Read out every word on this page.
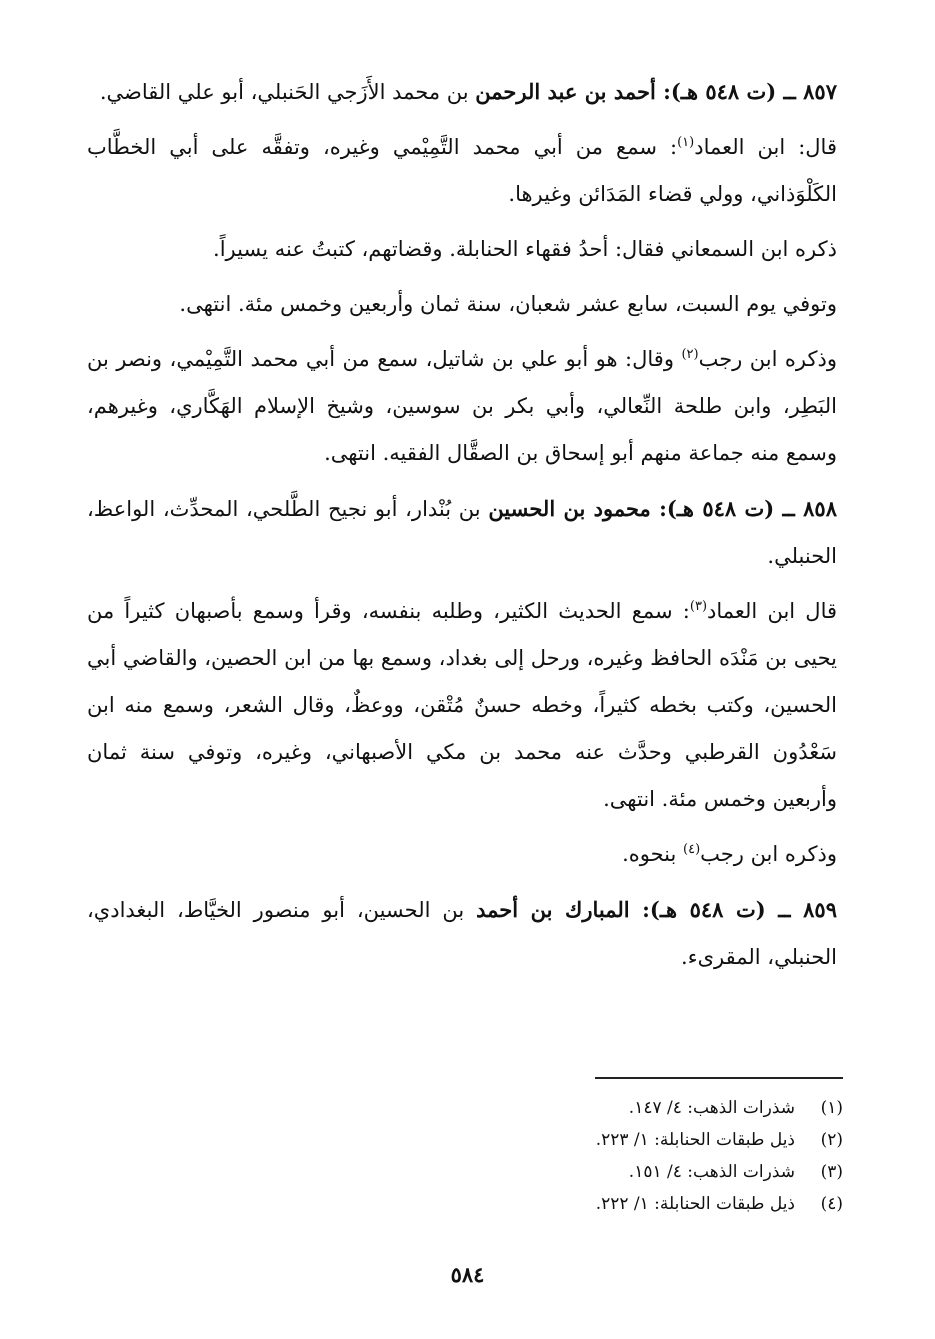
٨٥٧ ــ (ت ٥٤٨ هـ): أحمد بن عبد الرحمن بن محمد الأَزَجي الحَنبلي، أبو علي القاضي.

قال: ابن العماد$^{(١)}$: سمع من أبي محمد التَّمِيْمي وغيره، وتفقَّه على أبي الخطَّاب الكَلْوَذاني، وولي قضاء المَدَائن وغيرها.

ذكره ابن السمعاني فقال: أحدُ فقهاء الحنابلة. وقضاتهم، كتبتُ عنه يسيراً.

وتوفي يوم السبت، سابع عشر شعبان، سنة ثمان وأربعين وخمس مئة. انتهى.

وذكره ابن رجب$^{(٢)}$ وقال: هو أبو علي بن شاتيل، سمع من أبي محمد التَّمِيْمي، ونصر بن البَطِر، وابن طلحة النِّعالي، وأبي بكر بن سوسين، وشيخ الإسلام الهَكَّاري، وغيرهم، وسمع منه جماعة منهم أبو إسحاق بن الصقَّال الفقيه. انتهى.

٨٥٨ ــ (ت ٥٤٨ هـ): محمود بن الحسين بن بُنْدار، أبو نجيح الطَّلحي، المحدِّث، الواعظ، الحنبلي.

قال ابن العماد$^{(٣)}$: سمع الحديث الكثير، وطلبه بنفسه، وقرأ وسمع بأصبهان كثيراً من يحيى بن مَنْدَه الحافظ وغيره، ورحل إلى بغداد، وسمع بها من ابن الحصين، والقاضي أبي الحسين، وكتب بخطه كثيراً، وخطه حسنٌ مُتْقن، ووعظٌ، وقال الشعر، وسمع منه ابن سَعْدُون القرطبي وحدَّث عنه محمد بن مكي الأصبهاني، وغيره، وتوفي سنة ثمان وأربعين وخمس مئة. انتهى.

وذكره ابن رجب$^{(٤)}$ بنحوه.

٨٥٩ ــ (ت ٥٤٨ هـ): المبارك بن أحمد بن الحسين، أبو منصور الخيَّاط، البغدادي، الحنبلي، المقرىء.

(١)
شذرات الذهب: ٤/ ١٤٧.
(٢)
ذيل طبقات الحنابلة: ١/ ٢٢٣.
(٣)
شذرات الذهب: ٤/ ١٥١.
(٤)
ذيل طبقات الحنابلة: ١/ ٢٢٢.
٥٨٤
